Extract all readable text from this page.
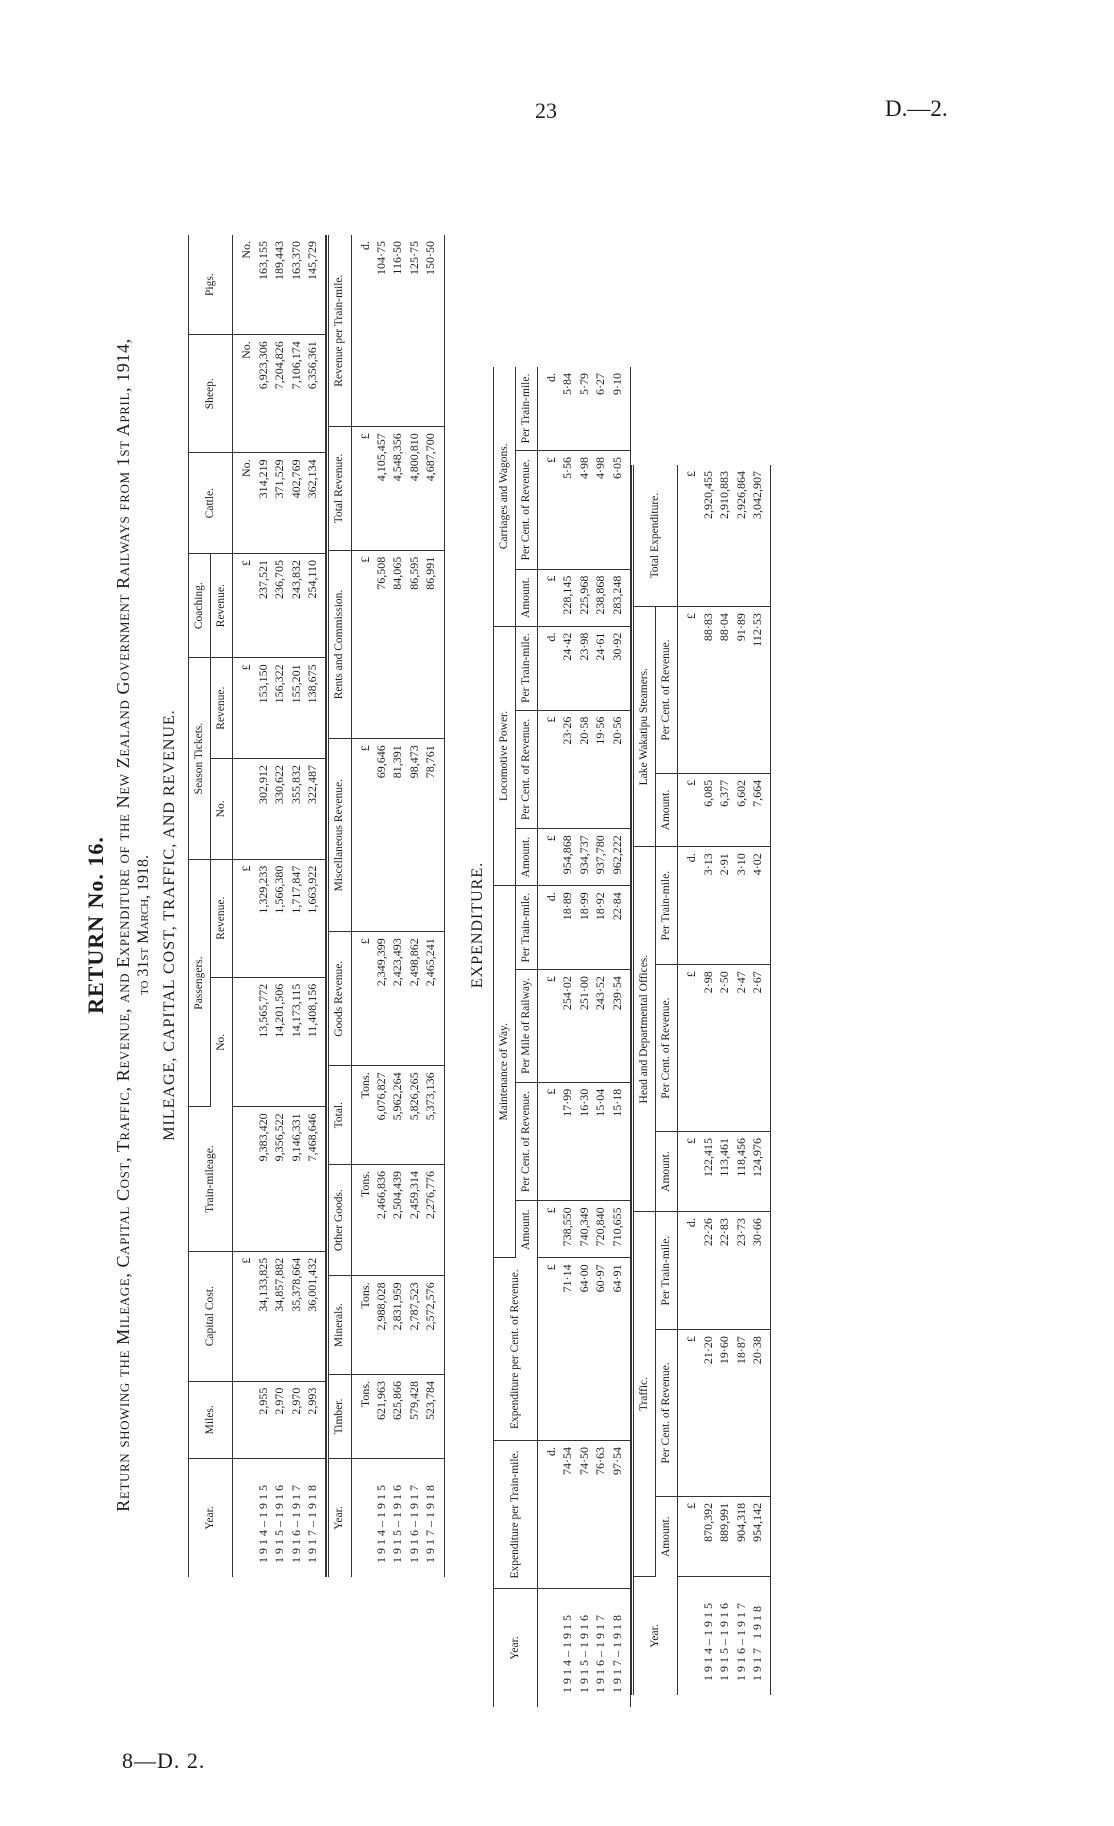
23	D.—2.
RETURN No. 16. Return showing the Mileage, Capital Cost, Traffic, Revenue, and Expenditure of the New Zealand Government Railways from 1st April, 1914, to 31st March, 1918. MILEAGE, CAPITAL COST, TRAFFIC, AND REVENUE.
Year.	Miles.	Capital Cost.	Train-mileage.	Passengers.		Season Tickets.		Coaching.	Cattle.	Sheep.	Pigs.
				No.	Revenue.	No.	Revenue.	Revenue.			
		£			£		£	£	No.	No.	No.
1914–1915	2,955	34,133,825	9,383,420	13,565,772	1,329,233	302,912	153,150	237,521	314,219	6,923,306	163,155
1915–1916	2,970	34,857,882	9,356,522	14,201,506	1,566,380	330,622	156,322	236,705	371,529	7,204,826	189,443
1916–1917	2,970	35,378,664	9,146,331	14,173,115	1,717,847	355,832	155,201	243,832	402,769	7,106,174	163,370
1917–1918	2,993	36,001,432	7,468,646	11,408,156	1,663,922	322,487	138,675	254,110	362,134	6,356,361	145,729
Year.	Timber.	Minerals.	Other Goods.	Total.	Goods Revenue.	Miscellaneous Revenue.	Rents and Commission.	Total Revenue.	Revenue per Train-mile.
	Tons.	Tons.	Tons.	Tons.	£	£	£	£	d.
1914–1915	621,963	2,988,028	2,466,836	6,076,827	2,349,399	69,646	76,508	4,105,457	104·75
1915–1916	625,866	2,831,959	2,504,439	5,962,264	2,423,493	81,391	84,065	4,548,356	116·50
1916–1917	579,428	2,787,523	2,459,314	5,826,265	2,498,862	98,473	86,595	4,800,810	125·75
1917–1918	523,784	2,572,576	2,276,776	5,373,136	2,465,241	78,761	86,991	4,687,700	150·50
EXPENDITURE.
Year.	Expenditure per Train-mile.	Expenditure per Cent. of Revenue.	Maintenance of Way.				Locomotive Power.			Carriages and Wagons.		
			Amount.	Per Cent. of Revenue.	Per Mile of Railway.	Per Train-mile.	Amount.	Per Cent. of Revenue.	Per Train-mile.	Amount.	Per Cent. of Revenue.	Per Train-mile.
	d.	£	£	£	£	d.	£	£	d.	£	£	d.
1914–1915	74·54	71·14	738,550	17·99	254·02	18·89	954,868	23·26	24·42	228,145	5·56	5·84
1915–1916	74·50	64·00	740,349	16·30	251·00	18·99	934,737	20·58	23·98	225,968	4·98	5·79
1916–1917	76·63	60·97	720,840	15·04	243·52	18·92	937,780	19·56	24·61	238,868	4·98	6·27
1917–1918	97·54	64·91	710,655	15·18	239·54	22·84	962,222	20·56	30·92	283,248	6·05	9·10
Year.	Traffic.			Head and Departmental Offices.			Lake Wakatipu Steamers.		Total Expenditure.
	Amount.	Per Cent. of Revenue.	Per Train-mile.	Amount.	Per Cent. of Revenue.	Per Train-mile.	Amount.	Per Cent. of Revenue.	
	£	£	d.	£	£	d.	£	£	£
1914–1915	870,392	21·20	22·26	122,415	2·98	3·13	6,085	88·83	2,920,455
1915–1916	889,991	19·60	22·83	113,461	2·50	2·91	6,377	88·04	2,910,883
1916–1917	904,318	18·87	23·73	118,456	2·47	3·10	6,602	91·89	2,926,864
1917 1918	954,142	20·38	30·66	124,976	2·67	4·02	7,664	112·53	3,042,907
8—D. 2.
